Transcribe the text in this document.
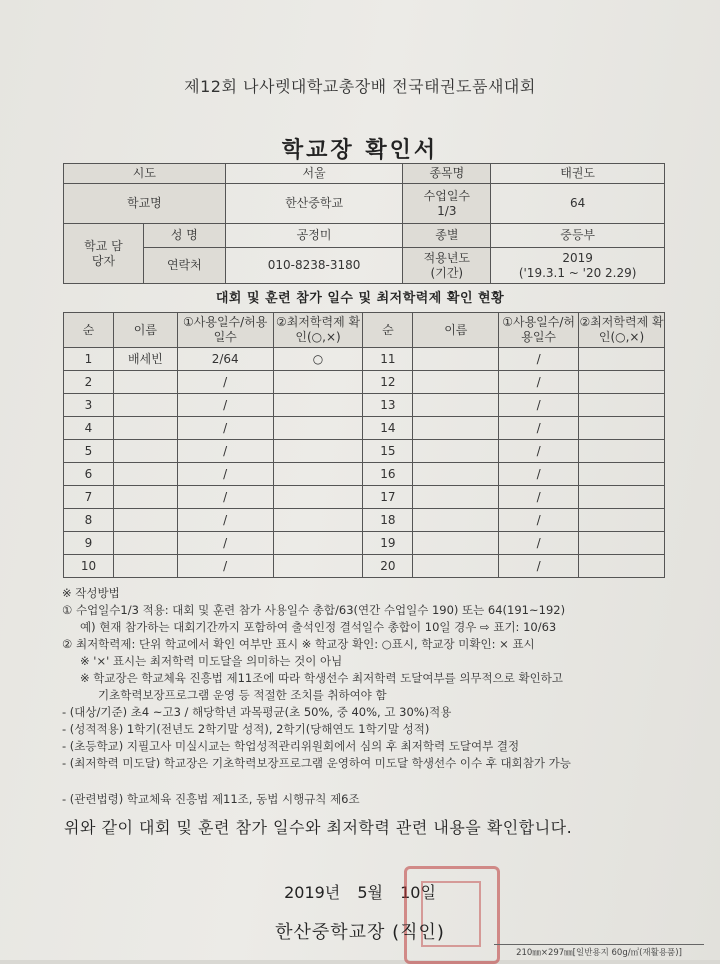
제12회 나사렛대학교총장배 전국태권도품새대회
학교장 확인서
시도		서울	종목명	태권도
학교명		한산중학교	수업일수 1/3	64
학교 담당자	성 명	공정미	종별	중등부
	연락처	010-8238-3180	적용년도 (기간)	2019
('19.3.1 ~ '20 2.29)
대회 및 훈련 참가 일수 및 최저학력제 확인 현황
순	이름	①사용일수/허용일수	②최저학력제 확인(○,×)	순	이름	①사용일수/허용일수	②최저학력제 확인(○,×)
1	배세빈	2/64	○	11		/	
2		/		12		/	
3		/		13		/	
4		/		14		/	
5		/		15		/	
6		/		16		/	
7		/		17		/	
8		/		18		/	
9		/		19		/	
10		/		20		/	
※ 작성방법
① 수업일수1/3 적용: 대회 및 훈련 참가 사용일수 총합/63(연간 수업일수 190) 또는 64(191~192)
예) 현재 참가하는 대회기간까지 포함하여 출석인정 결석일수 총합이 10일 경우 ⇨ 표기: 10/63
② 최저학력제: 단위 학교에서 확인 여부만 표시 ※ 학교장 확인: ○표시, 학교장 미확인: × 표시
※ '×' 표시는 최저학력 미도달을 의미하는 것이 아님
※ 학교장은 학교체육 진흥법 제11조에 따라 학생선수 최저학력 도달여부를 의무적으로 확인하고
기초학력보장프로그램 운영 등 적절한 조치를 취하여야 함
- (대상/기준) 초4 ~고3 / 해당학년 과목평균(초 50%, 중 40%, 고 30%)적용
- (성적적용) 1학기(전년도 2학기말 성적), 2학기(당해연도 1학기말 성적)
- (초등학교) 지필고사 미실시교는 학업성적관리위원회에서 심의 후 최저학력 도달여부 결정
- (최저학력 미도달) 학교장은 기초학력보장프로그램 운영하여 미도달 학생선수 이수 후 대회참가 가능
- (관련법령) 학교체육 진흥법 제11조, 동법 시행규칙 제6조
위와 같이 대회 및 훈련 참가 일수와 최저학력 관련 내용을 확인합니다.
2019년 5월 10일
한산중학교장 (직인)
210㎜×297㎜[일반용지 60g/㎡(재활용품)]
